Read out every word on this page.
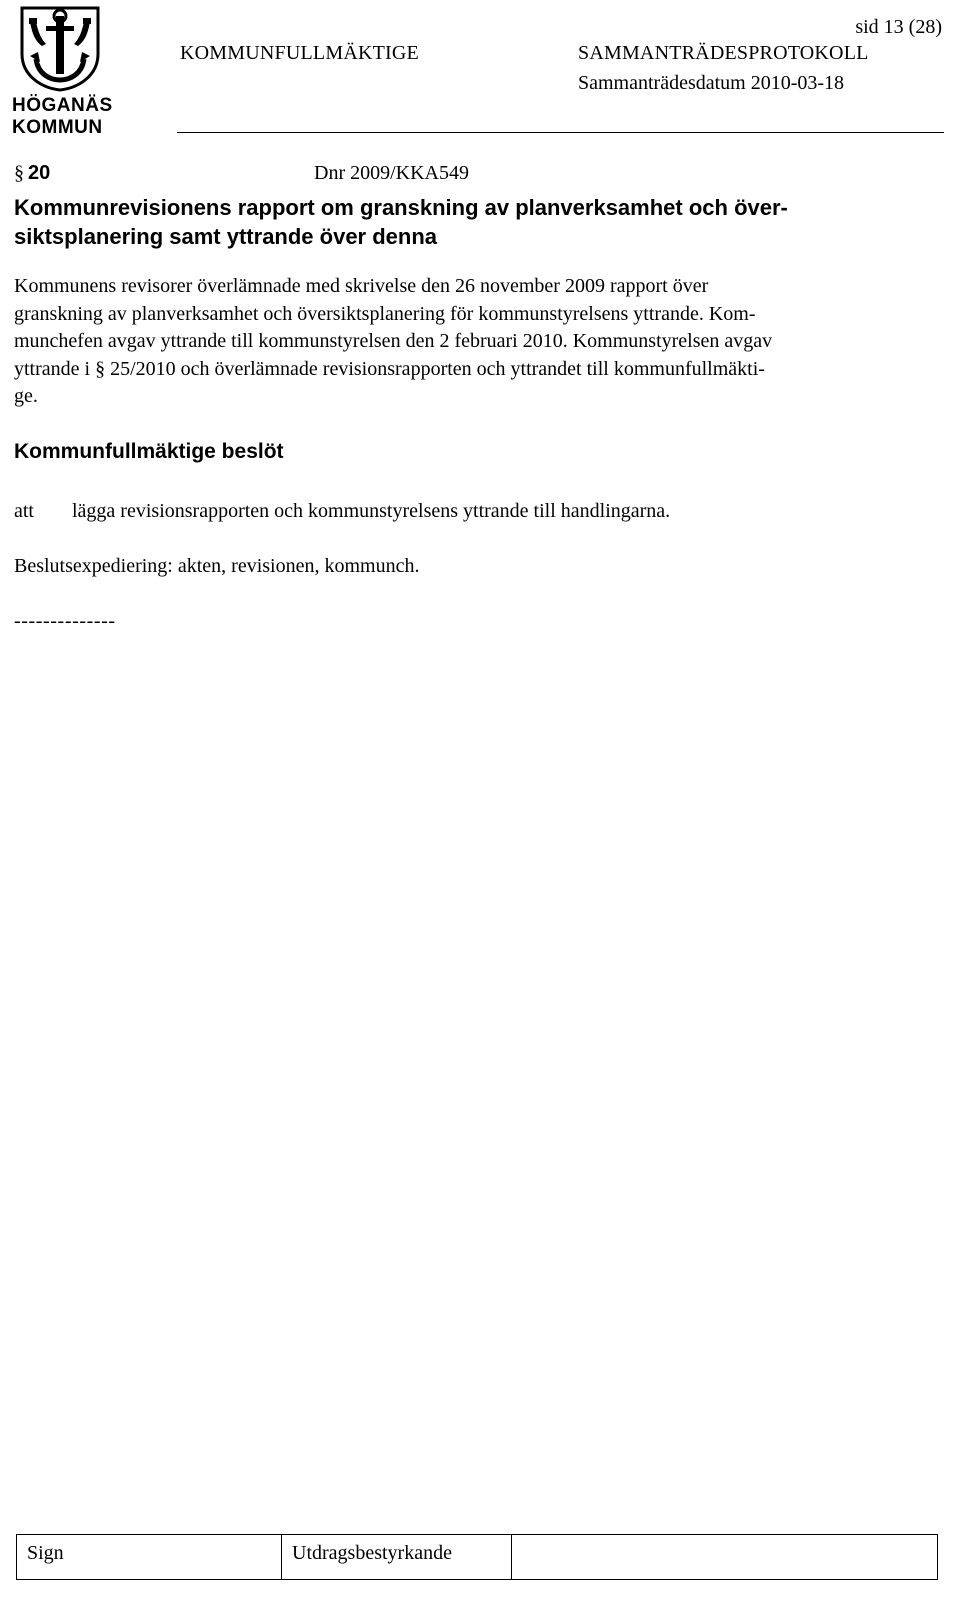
HÖGANÄS
KOMMUN
sid 13 (28)
KOMMUNFULLMÄKTIGE	SAMMANTRÄDESPROTOKOLL
Sammanträdesdatum 2010-03-18
§ 20	Dnr 2009/KKA549
Kommunrevisionens rapport om granskning av planverksamhet och över-
siktsplanering samt yttrande över denna
Kommunens revisorer överlämnade med skrivelse den 26 november 2009 rapport över
granskning av planverksamhet och översiktsplanering för kommunstyrelsens yttrande. Kom-
munchefen avgav yttrande till kommunstyrelsen den 2 februari 2010. Kommunstyrelsen avgav
yttrande i § 25/2010 och överlämnade revisionsrapporten och yttrandet till kommunfullmäkti-
ge.
Kommunfullmäktige beslöt
att lägga revisionsrapporten och kommunstyrelsens yttrande till handlingarna.
Beslutsexpediering: akten, revisionen, kommunch.
--------------
Sign	Utdragsbestyrkande
